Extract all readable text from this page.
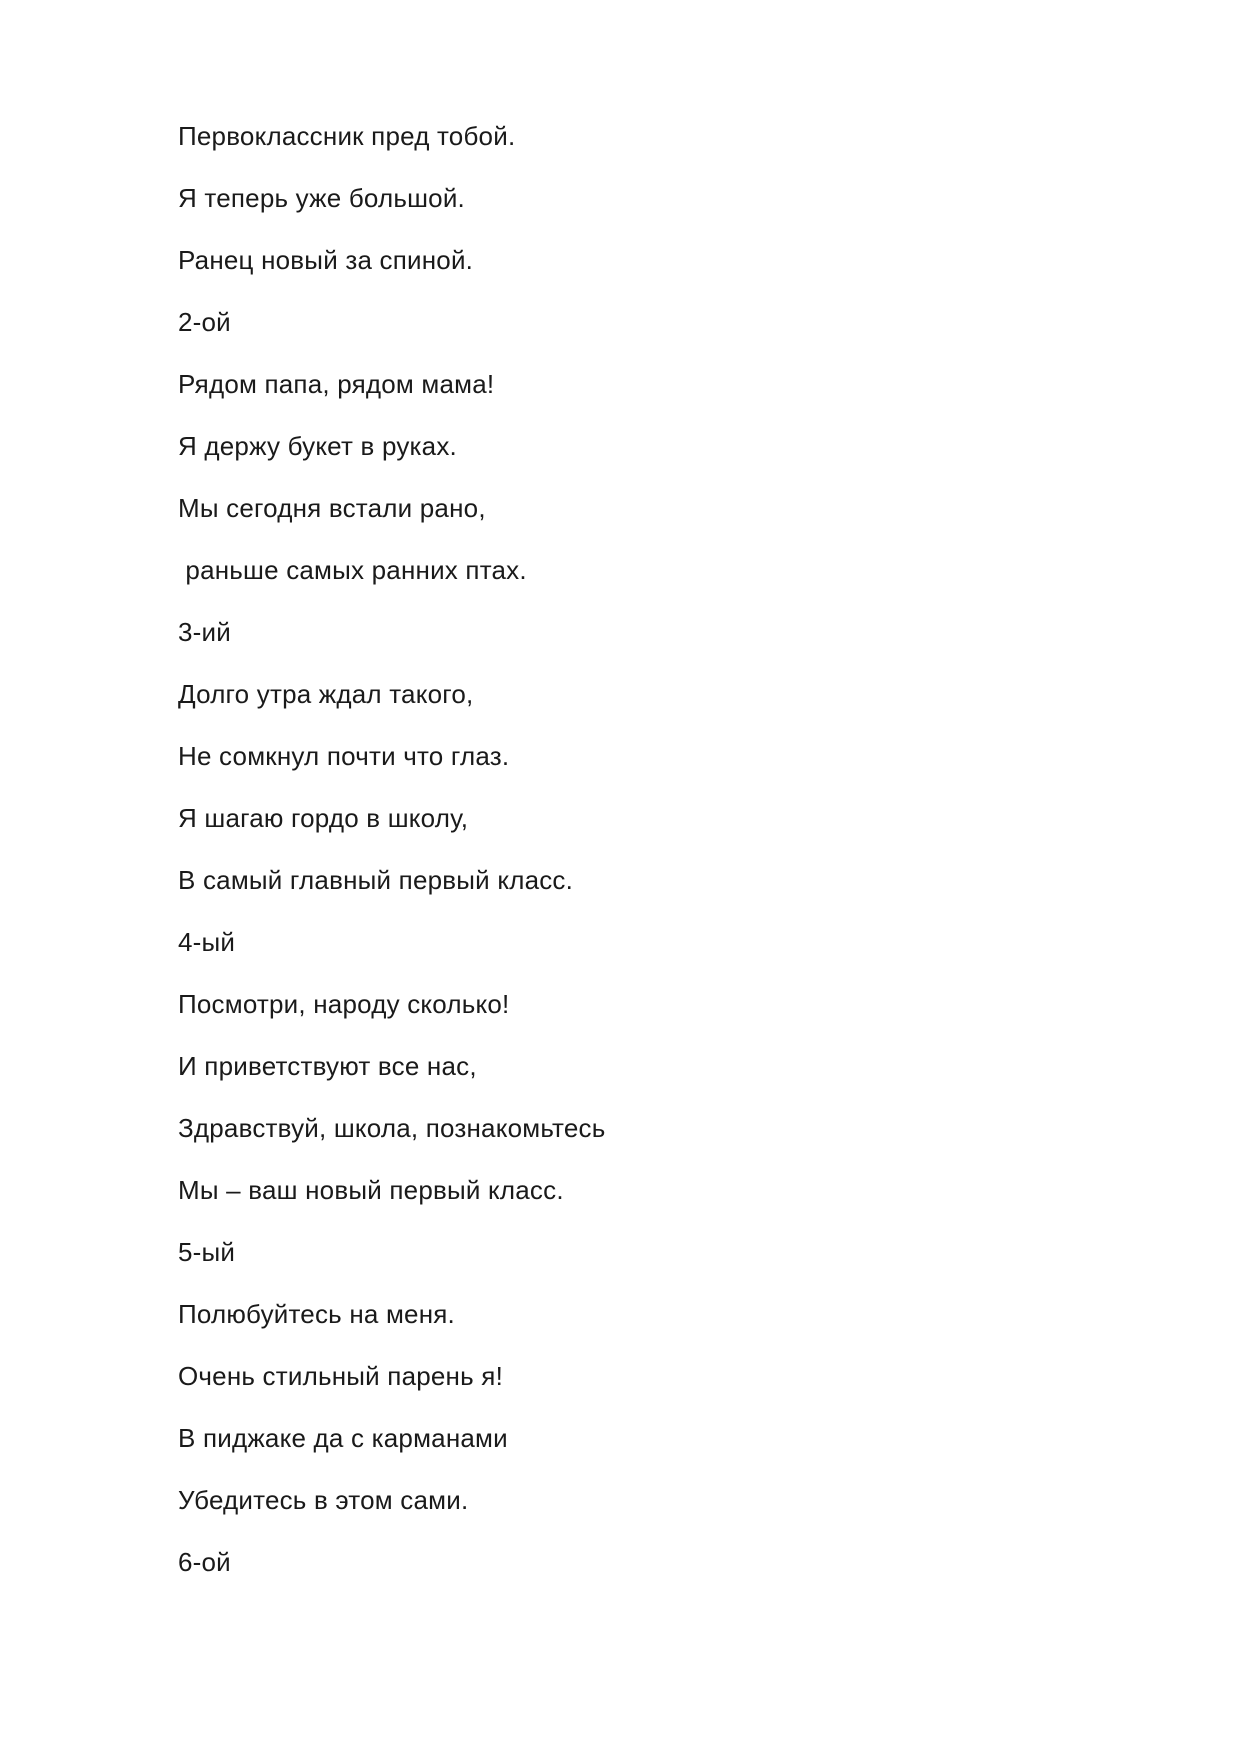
Первоклассник пред тобой.
Я теперь уже большой.
Ранец новый за спиной.
2-ой
Рядом папа, рядом мама!
Я держу букет в руках.
Мы сегодня встали рано,
раньше самых ранних птах.
3-ий
Долго утра ждал такого,
Не сомкнул почти что глаз.
Я шагаю гордо в школу,
В самый главный первый класс.
4-ый
Посмотри, народу сколько!
И приветствуют все нас,
Здравствуй, школа, познакомьтесь
Мы – ваш новый первый класс.
5-ый
Полюбуйтесь на меня.
Очень стильный парень я!
В пиджаке да с карманами
Убедитесь в этом сами.
6-ой
